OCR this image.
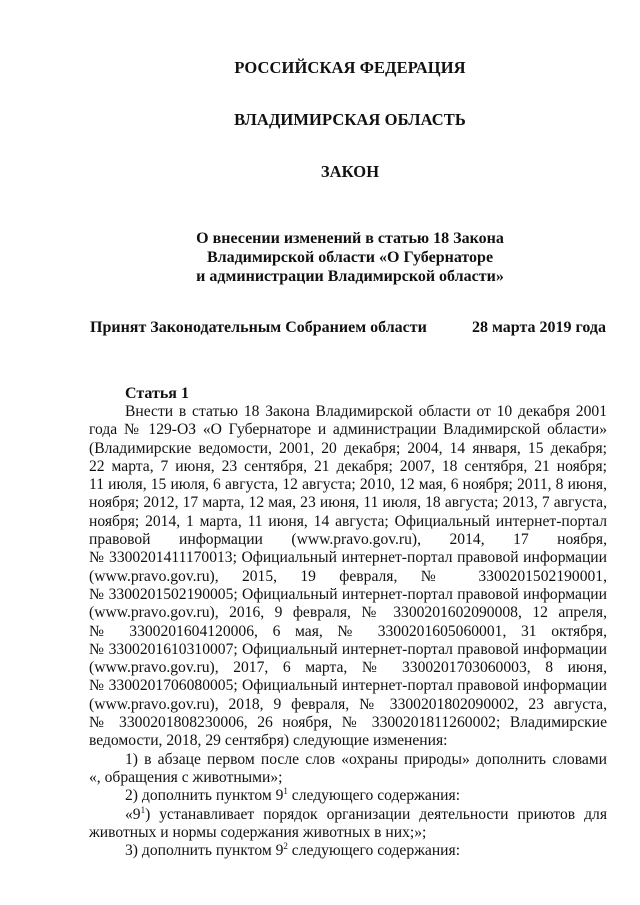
РОССИЙСКАЯ ФЕДЕРАЦИЯ
ВЛАДИМИРСКАЯ ОБЛАСТЬ
ЗАКОН
О внесении изменений в статью 18 Закона
Владимирской области «О Губернаторе
и администрации Владимирской области»
Принят Законодательным Собранием области	28 марта 2019 года
Статья 1
Внести в статью 18 Закона Владимирской области от 10 декабря 2001
года № 129-ОЗ «О Губернаторе и администрации Владимирской области»
(Владимирские ведомости, 2001, 20 декабря; 2004, 14 января, 15 декабря;
22 марта, 7 июня, 23 сентября, 21 декабря; 2007, 18 сентября, 21 ноября;
11 июля, 15 июля, 6 августа, 12 августа; 2010, 12 мая, 6 ноября; 2011, 8 июня,
ноября; 2012, 17 марта, 12 мая, 23 июня, 11 июля, 18 августа; 2013, 7 августа,
ноября; 2014, 1 марта, 11 июня, 14 августа; Официальный интернет-портал
правовой информации (www.pravo.gov.ru), 2014, 17 ноября,
№ 3300201411170013; Официальный интернет-портал правовой информации
(www.pravo.gov.ru), 2015, 19 февраля, № 3300201502190001,
№ 3300201502190005; Официальный интернет-портал правовой информации
(www.pravo.gov.ru), 2016, 9 февраля, № 3300201602090008, 12 апреля,
№ 3300201604120006, 6 мая, № 3300201605060001, 31 октября,
№ 3300201610310007; Официальный интернет-портал правовой информации
(www.pravo.gov.ru), 2017, 6 марта, № 3300201703060003, 8 июня,
№ 3300201706080005; Официальный интернет-портал правовой информации
(www.pravo.gov.ru), 2018, 9 февраля, № 3300201802090002, 23 августа,
№ 3300201808230006, 26 ноября, № 3300201811260002; Владимирские
ведомости, 2018, 29 сентября) следующие изменения:
1) в абзаце первом после слов «охраны природы» дополнить словами
«, обращения с животными»;
2) дополнить пунктом $9^1$ следующего содержания:
«$9^1$) устанавливает порядок организации деятельности приютов для
животных и нормы содержания животных в них;»;
3) дополнить пунктом $9^2$ следующего содержания:
